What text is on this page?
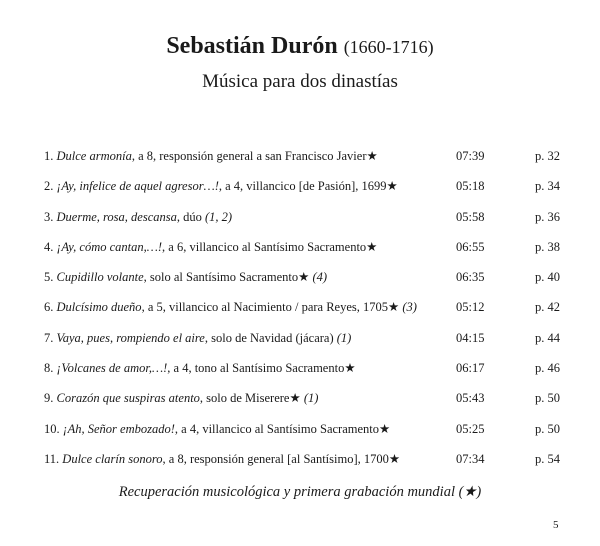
Sebastián Durón (1660-1716)
Música para dos dinastías
1. Dulce armonía, a 8, responsión general a san Francisco Javier★	07:39	p. 32
2. ¡Ay, infelice de aquel agresor…!, a 4, villancico [de Pasión], 1699★	05:18	p. 34
3. Duerme, rosa, descansa, dúo (1, 2)	05:58	p. 36
4. ¡Ay, cómo cantan,…!, a 6, villancico al Santísimo Sacramento★	06:55	p. 38
5. Cupidillo volante, solo al Santísimo Sacramento★ (4)	06:35	p. 40
6. Dulcísimo dueño, a 5, villancico al Nacimiento / para Reyes, 1705★ (3)	05:12	p. 42
7. Vaya, pues, rompiendo el aire, solo de Navidad (jácara) (1)	04:15	p. 44
8. ¡Volcanes de amor,…!, a 4, tono al Santísimo Sacramento★	06:17	p. 46
9. Corazón que suspiras atento, solo de Miserere★ (1)	05:43	p. 50
10. ¡Ah, Señor embozado!, a 4, villancico al Santísimo Sacramento★	05:25	p. 50
11. Dulce clarín sonoro, a 8, responsión general [al Santísimo], 1700★	07:34	p. 54
Recuperación musicológica y primera grabación mundial (★)
5
